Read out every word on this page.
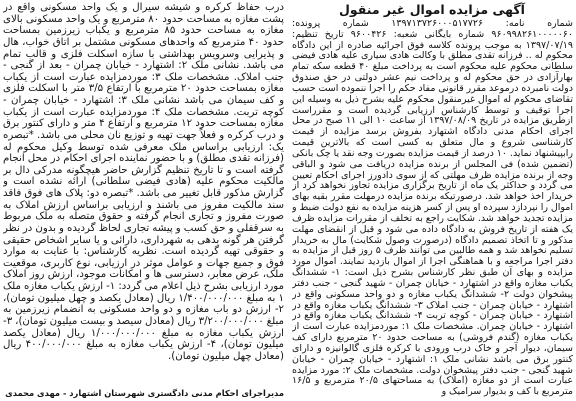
آگهی مزایده اموال غیر منقول
شماره نامه: ۱۳۹۷۱۳۷۲۶۰۰۰۵۱۷۷۲۶ شماره پرونده: ۹۶۰۹۹۸۲۶۱۰۰۰۰۰۶۰ شماره بایگانی شعبه: ۹۶۰۰۴۲۶ تاریخ تنظیم: ۱۳۹۷/۰۷/۱۹ به موجب پرونده کلاسه فوق اجرائیه صادره از این دادگاه محکوم له .. فرزانه تقدی مطلق با وکالت هادی سیاری علیه هادی فیضی سلطانی محکوم علیه محکوم است به پرداخت مبلغ ۴۰ قطعه سکه تمام بهارآزادی در حق محکوم له و پرداخت نیم عشر دولتی در حق صندوق دولت نامبرده درموعد مقرر قانونی مفاد حکم را اجرا ننموده است حسب تقاضای محکوم له اموال غیرمنقول محکوم علیه بشرح ذیل به وسیله این اجرا توقیف و توسط کارشناس ارزیابی گردیده است و مقرراست ازطریق مزایده در تاریخ ۱۳۹۷/۰۸/۰۹ از ساعت ۱۰ الی ۱۱ صبح در محل اجرای احکام مدنی دادگاه اشتهارد بفروش برسد مزایده از قیمت کارشناسی شروع و مال متعلق به کسی است که بالاترین قیمت رابپیشنهاد نماید. ۱۰ درصد از قیمت مزایده بصورت وجه نقد یا چک بانکی (تضمین شده) فی المجلس از برنده مزایده دریافت می شود و الباقی وجه از برنده مزایده ظرف مهلتی که از سوی دادورز اجرای احکام تعیین می گردد و حداکثر یک ماه از تاریخ برگزاری مزایده تجاوز نخواهد کرد از خریدار اخذ خواهد شد. درصورتیکه برنده مزایده درمهلت مقرر بقیه بهای اموال را نپردازد سپرده او پس از کسر هزینه مزایده به نفع دولت ضبط و مزایده تجدید خواهد شد. شکایت راجع به تخلف از مقررات مزایده ظرف یک هفته از تاریخ فروش به دادگاه داده می شود و قبل از انقضای مهلت مذکور و تا اتخاذ تصمیم دادگاه (درصورت وصول شکایت) مال به خریدار تسلیم نخواهد شد و همه طالبین می توانند ظرف ۵ روز قبل از مزایده به دفتر اجرا مراجعه و با هماهنگی اجرا از اموال بازدید نمایند. اموال مورد مزایده و بهای آن طبق نظر کارشناس بشرح ذیل است: ۱- ششدانگ یکباب مغازه واقع در اشتهارد - خیابان چمران - شهید گنجی - جنب دفتر پیشخوان دولت ۲- ششدانگ یکباب مغازه و دو واحد مسکونی واقع در اشتهارد - خیابان چمران - جنب املاک ۳- ششدانگ یکباب مغازه واقع در اشتهارد - خیابان چمران - کوچه تربت ۴- ششدانگ یکباب مغازه واقع در اشتهارد - خیابان چمران. مشخصات ملک ۱: موردمزایده عبارت است از یکباب مغازه (گندم فروشی) به مساحت حدود ۲۰ مترمربع دارای کف سیمان، دیوار آجر و خاک درب ورودی با کرکره فلزی گالوانیزه و دارای کنتور برق می باشد نشانی ملک ۱: اشتهارد - خیابان چمران - خیابان شهید گنجی - جنب دفتر پیشخوان دولت. مشخصات ملک ۲: مورد مزایده عبارت است از دو مغازه (املاک) به مساحتهای ۲۰/۵ مترمربع و ۱۶/۵ مترمربع با کف و بدیوار سرامیک و
درب حفاظ کرکره و شیشه سیرال و یک واحد مسکونی واقع در پشت مغازه به مساحت حدود ۸۰ مترمربع و یک واحد مسکونی بالای مغازه به مساحت حدود ۸۵ مترمربع و یکباب زیرزمین بمساحت حدود ۴۰ مترمربع که واحدهای مسکونی مشتمل بر اتاق خواب، هال و پذیرایی وسرویس بهداشتی با سازه اسکلت فلزی و قالب تمام می باشد. نشانی ملک ۲: اشتهارد - خیابان چمران - بعد از گنجی - جنب املاک. مشخصات ملک ۳: موردمزایده عبارت است از یکباب مغازه بمساحت حدود ۲۰ مترمربع با ارتفاع ۳/۵ متر با اسکلت فلزی و کف سیمان می باشد نشانی ملک ۳: اشتهارد - خیابان چمران - کوچه تربت. مشخصات ملک ۴: موردمزایده عبارت است از یکباب مغازه بمساحت حدود ۱۲ مترمربع و ارتفاع ۴ متر و دارای کنتور برق و درب کرکره و فعلاً جهت تهیه و توزیع نان محلی می باشد. *تبصره یک: ارزیابی براساس ملک معرفی شده توسط وکیل محکوم له (فرزانه تقدی مطلق) و با حضور نماینده اجرای احکام در محل انجام گرفته است و تا تاریخ تنظیم گزارش حاضر هیچگونه مدرکی دال بر مالکیت محکوم علیه (هادی فیضی سلطانی) ارائه نشده است و گزارش مذکور قابل تغییر می باشد. *تبصره دو: پلاک های فوق فاقد سند مالکیت مفروز می باشند و ارزیابی براساس ارزش املاک به صورت مفروز و تجاری انجام گرفته و حقوق متصله به ملک مربوط به سرقفلی و حق کسب و پیشه تجاری لحاظ گردیده و بدون در نظر گرفتن هر گونه بدهی به شهرداری، دارائی و یا سایر اشخاص حقیقی و حقوقی تهیه گردیده است. نظریه کارشناس: با عنایت به موارد فوق و جمیع جهات و عوامل موثر در ارزیابی، نوع کاربری، موقعیت ملک، عرض معابر، دسترسی ها و امکانات موجود، ارزش روز املاک مورد ارزیابی بشرح ذیل اعلام می گردد: ۱- ارزش یکباب مغازه ملک ۱ به مبلغ ۱/۴۰۰/۰۰۰/۰۰۰ ریال (معادل یکصد و چهل میلیون تومان)، ۲- ارزش دو باب مغازه و دو واحد مسکونی به انضمام زیرزمین به مبلغ ۳/۲۰۰/۰۰۰/۰۰۰ ریال (معادل سیصد و بیست میلیون تومان)، ۳- ارزش یکباب مغازه به مبلغ ۱/۰۰۰/۰۰۰/۰۰۰ ریال (معادل یکصد میلیون تومان)، ۴- ارزش یکباب مغازه به مبلغ ۴۰۰/۰۰۰/۰۰۰ ریال (معادل چهل میلیون تومان).
مدیراجرای احکام مدنی دادگستری شهرستان اشتهارد - مهدی محمدی
